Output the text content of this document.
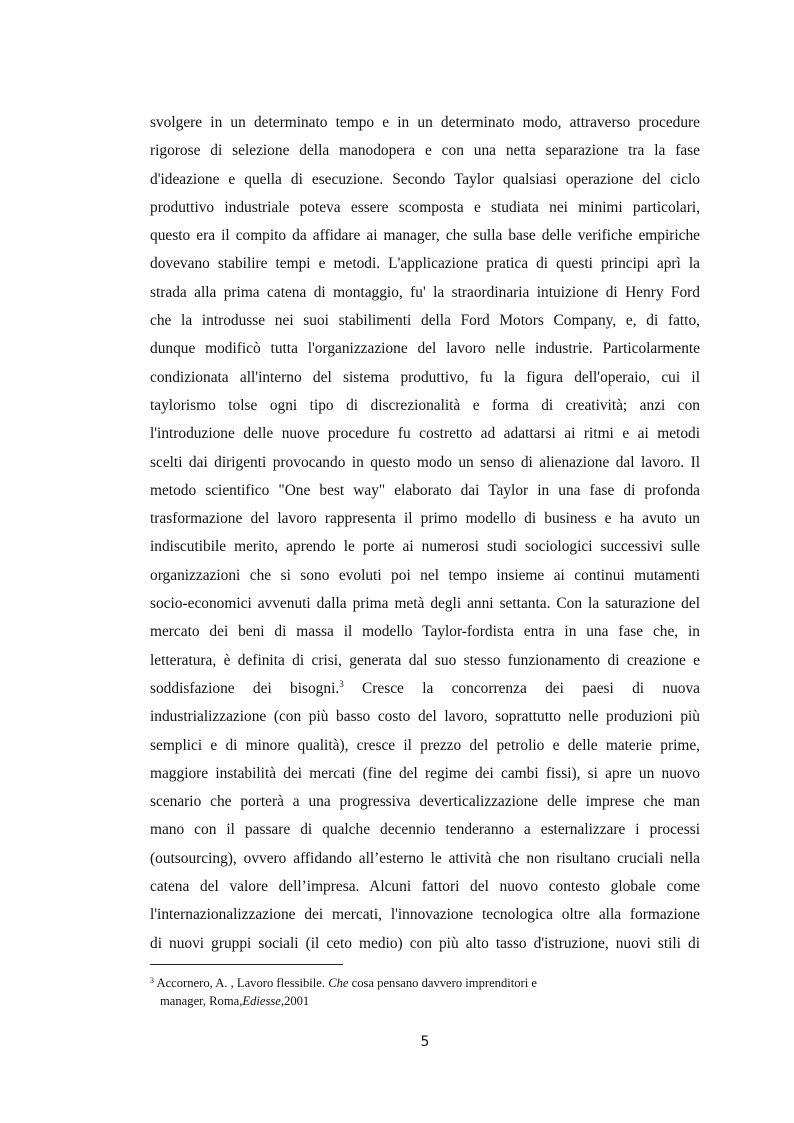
svolgere in un determinato tempo e in un determinato modo, attraverso procedure
rigorose di selezione della manodopera e con una netta separazione tra la fase
d'ideazione e quella di esecuzione. Secondo Taylor qualsiasi operazione del ciclo
produttivo industriale poteva essere scomposta e studiata nei minimi particolari,
questo era il compito da affidare ai manager, che sulla base delle verifiche empiriche
dovevano stabilire tempi e metodi. L'applicazione pratica di questi principi aprì la
strada alla prima catena di montaggio, fu' la straordinaria intuizione di Henry Ford
che la introdusse nei suoi stabilimenti della Ford Motors Company, e, di fatto,
dunque modificò tutta l'organizzazione del lavoro nelle industrie. Particolarmente
condizionata all'interno del sistema produttivo, fu la figura dell'operaio, cui il
taylorismo tolse ogni tipo di discrezionalità e forma di creatività; anzi con
l'introduzione delle nuove procedure fu costretto ad adattarsi ai ritmi e ai metodi
scelti dai dirigenti provocando in questo modo un senso di alienazione dal lavoro. Il
metodo scientifico "One best way" elaborato dai Taylor in una fase di profonda
trasformazione del lavoro rappresenta il primo modello di business e ha avuto un
indiscutibile merito, aprendo le porte ai numerosi studi sociologici successivi sulle
organizzazioni che si sono evoluti poi nel tempo insieme ai continui mutamenti
socio-economici avvenuti dalla prima metà degli anni settanta. Con la saturazione del
mercato dei beni di massa il modello Taylor-fordista entra in una fase che, in
letteratura, è definita di crisi, generata dal suo stesso funzionamento di creazione e
soddisfazione dei bisogni.$^3$ Cresce la concorrenza dei paesi di nuova
industrializzazione (con più basso costo del lavoro, soprattutto nelle produzioni più
semplici e di minore qualità), cresce il prezzo del petrolio e delle materie prime,
maggiore instabilità dei mercati (fine del regime dei cambi fissi), si apre un nuovo
scenario che porterà a una progressiva deverticalizzazione delle imprese che man
mano con il passare di qualche decennio tenderanno a esternalizzare i processi
(outsourcing), ovvero affidando all’esterno le attività che non risultano cruciali nella
catena del valore dell’impresa. Alcuni fattori del nuovo contesto globale come
l'internazionalizzazione dei mercati, l'innovazione tecnologica oltre alla formazione
di nuovi gruppi sociali (il ceto medio) con più alto tasso d'istruzione, nuovi stili di
$^3$ Accornero, A. , Lavoro flessibile. Che cosa pensano davvero imprenditori e
manager, Roma,Ediesse,2001
5
